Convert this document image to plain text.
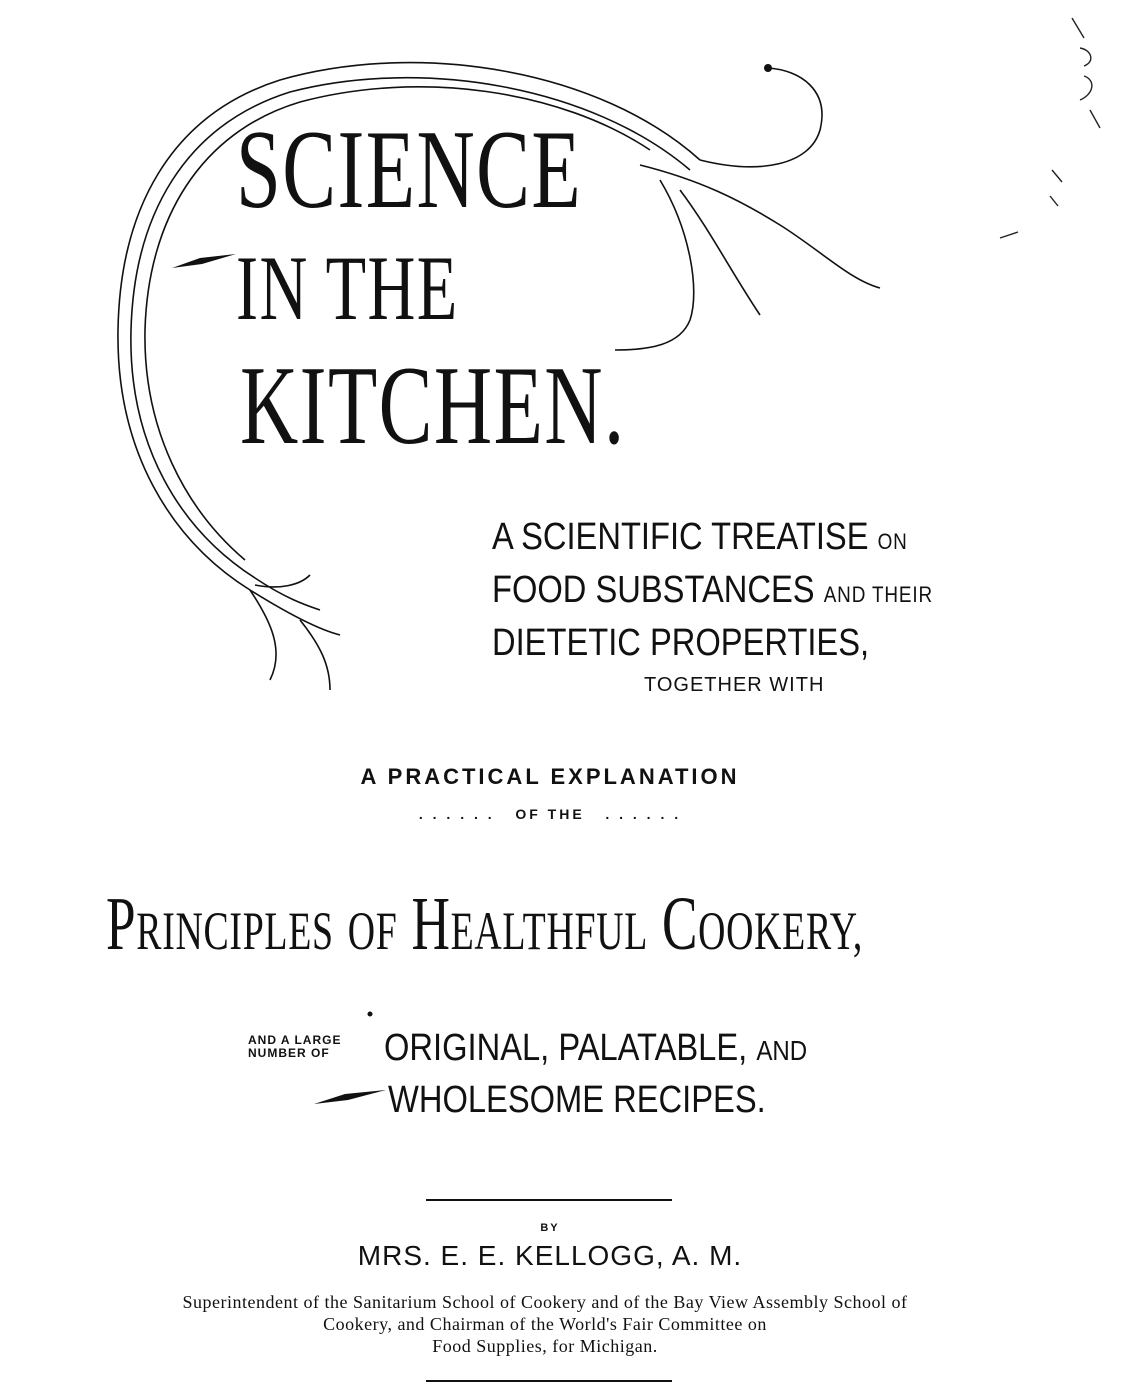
SCIENCE
IN THE
KITCHEN.
A SCIENTIFIC TREATISE ON
FOOD SUBSTANCES AND THEIR
DIETETIC PROPERTIES,
TOGETHER WITH
A PRACTICAL EXPLANATION
. . . . . .   OF THE   . . . . . .
PRINCIPLES OF HEALTHFUL COOKERY,
AND A LARGE
NUMBER OF	ORIGINAL, PALATABLE, AND
WHOLESOME RECIPES.
BY
MRS. E. E. KELLOGG, A. M.
Superintendent of the Sanitarium School of Cookery and of the Bay View Assembly School of
Cookery, and Chairman of the World's Fair Committee on
Food Supplies, for Michigan.
